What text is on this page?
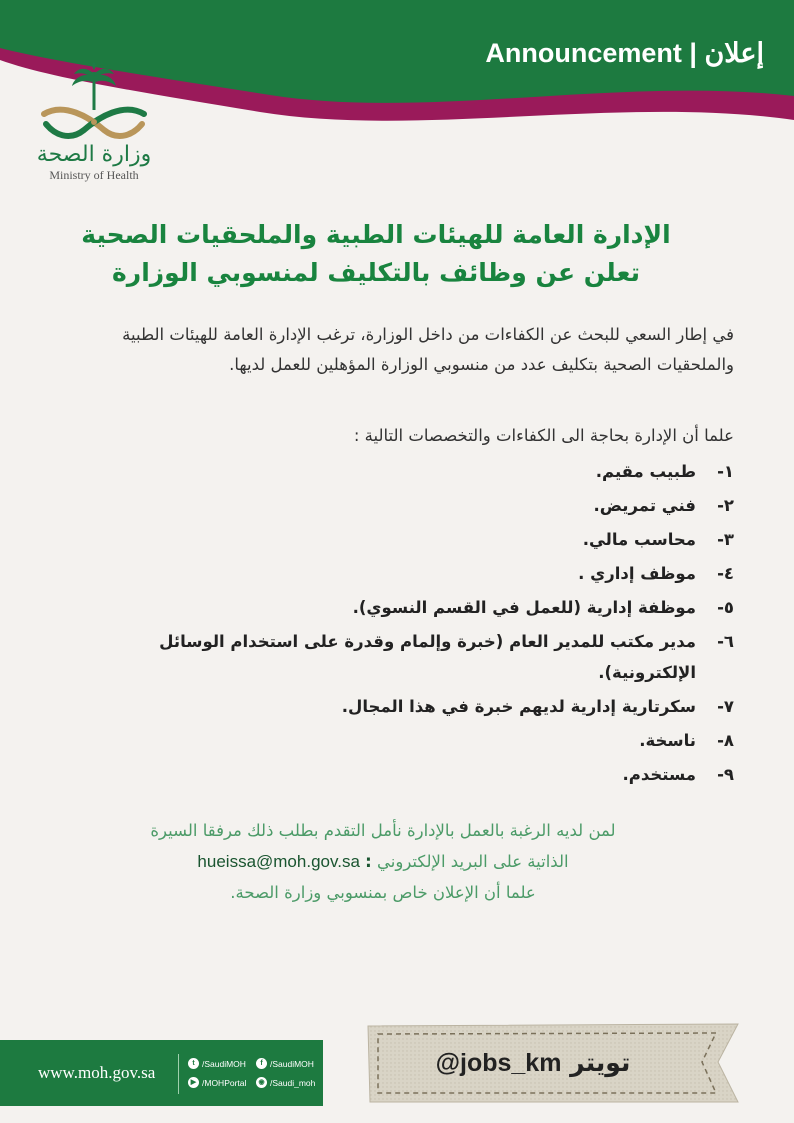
Announcement | إعلان
وزارة الصحة
Ministry of Health
الإدارة العامة للهيئات الطبية والملحقيات الصحية
تعلن عن وظائف بالتكليف لمنسوبي الوزارة
في إطار السعي للبحث عن الكفاءات من داخل الوزارة، ترغب الإدارة العامة للهيئات الطبية والملحقيات الصحية بتكليف عدد من منسوبي الوزارة المؤهلين للعمل لديها.
علما أن الإدارة بحاجة الى الكفاءات والتخصصات التالية :
١-
طبيب مقيم.
٢-
فني تمريض.
٣-
محاسب مالي.
٤-
موظف إداري .
٥-
موظفة إدارية (للعمل في القسم النسوي).
٦-
مدير مكتب للمدير العام (خبرة وإلمام وقدرة على استخدام الوسائل الإلكترونية).
٧-
سكرتارية إدارية لديهم خبرة في هذا المجال.
٨-
ناسخة.
٩-
مستخدم.
لمن لديه الرغبة بالعمل بالإدارة نأمل التقدم بطلب ذلك مرفقا السيرة
الذاتية على البريد الإلكتروني : hueissa@moh.gov.sa
علما أن الإعلان خاص بمنسوبي وزارة الصحة.
www.moh.gov.sa	t /SaudiMOH	f /SaudiMOH
▶ /MOHPortal	◉ /Saudi_moh
تويتر @jobs_km
